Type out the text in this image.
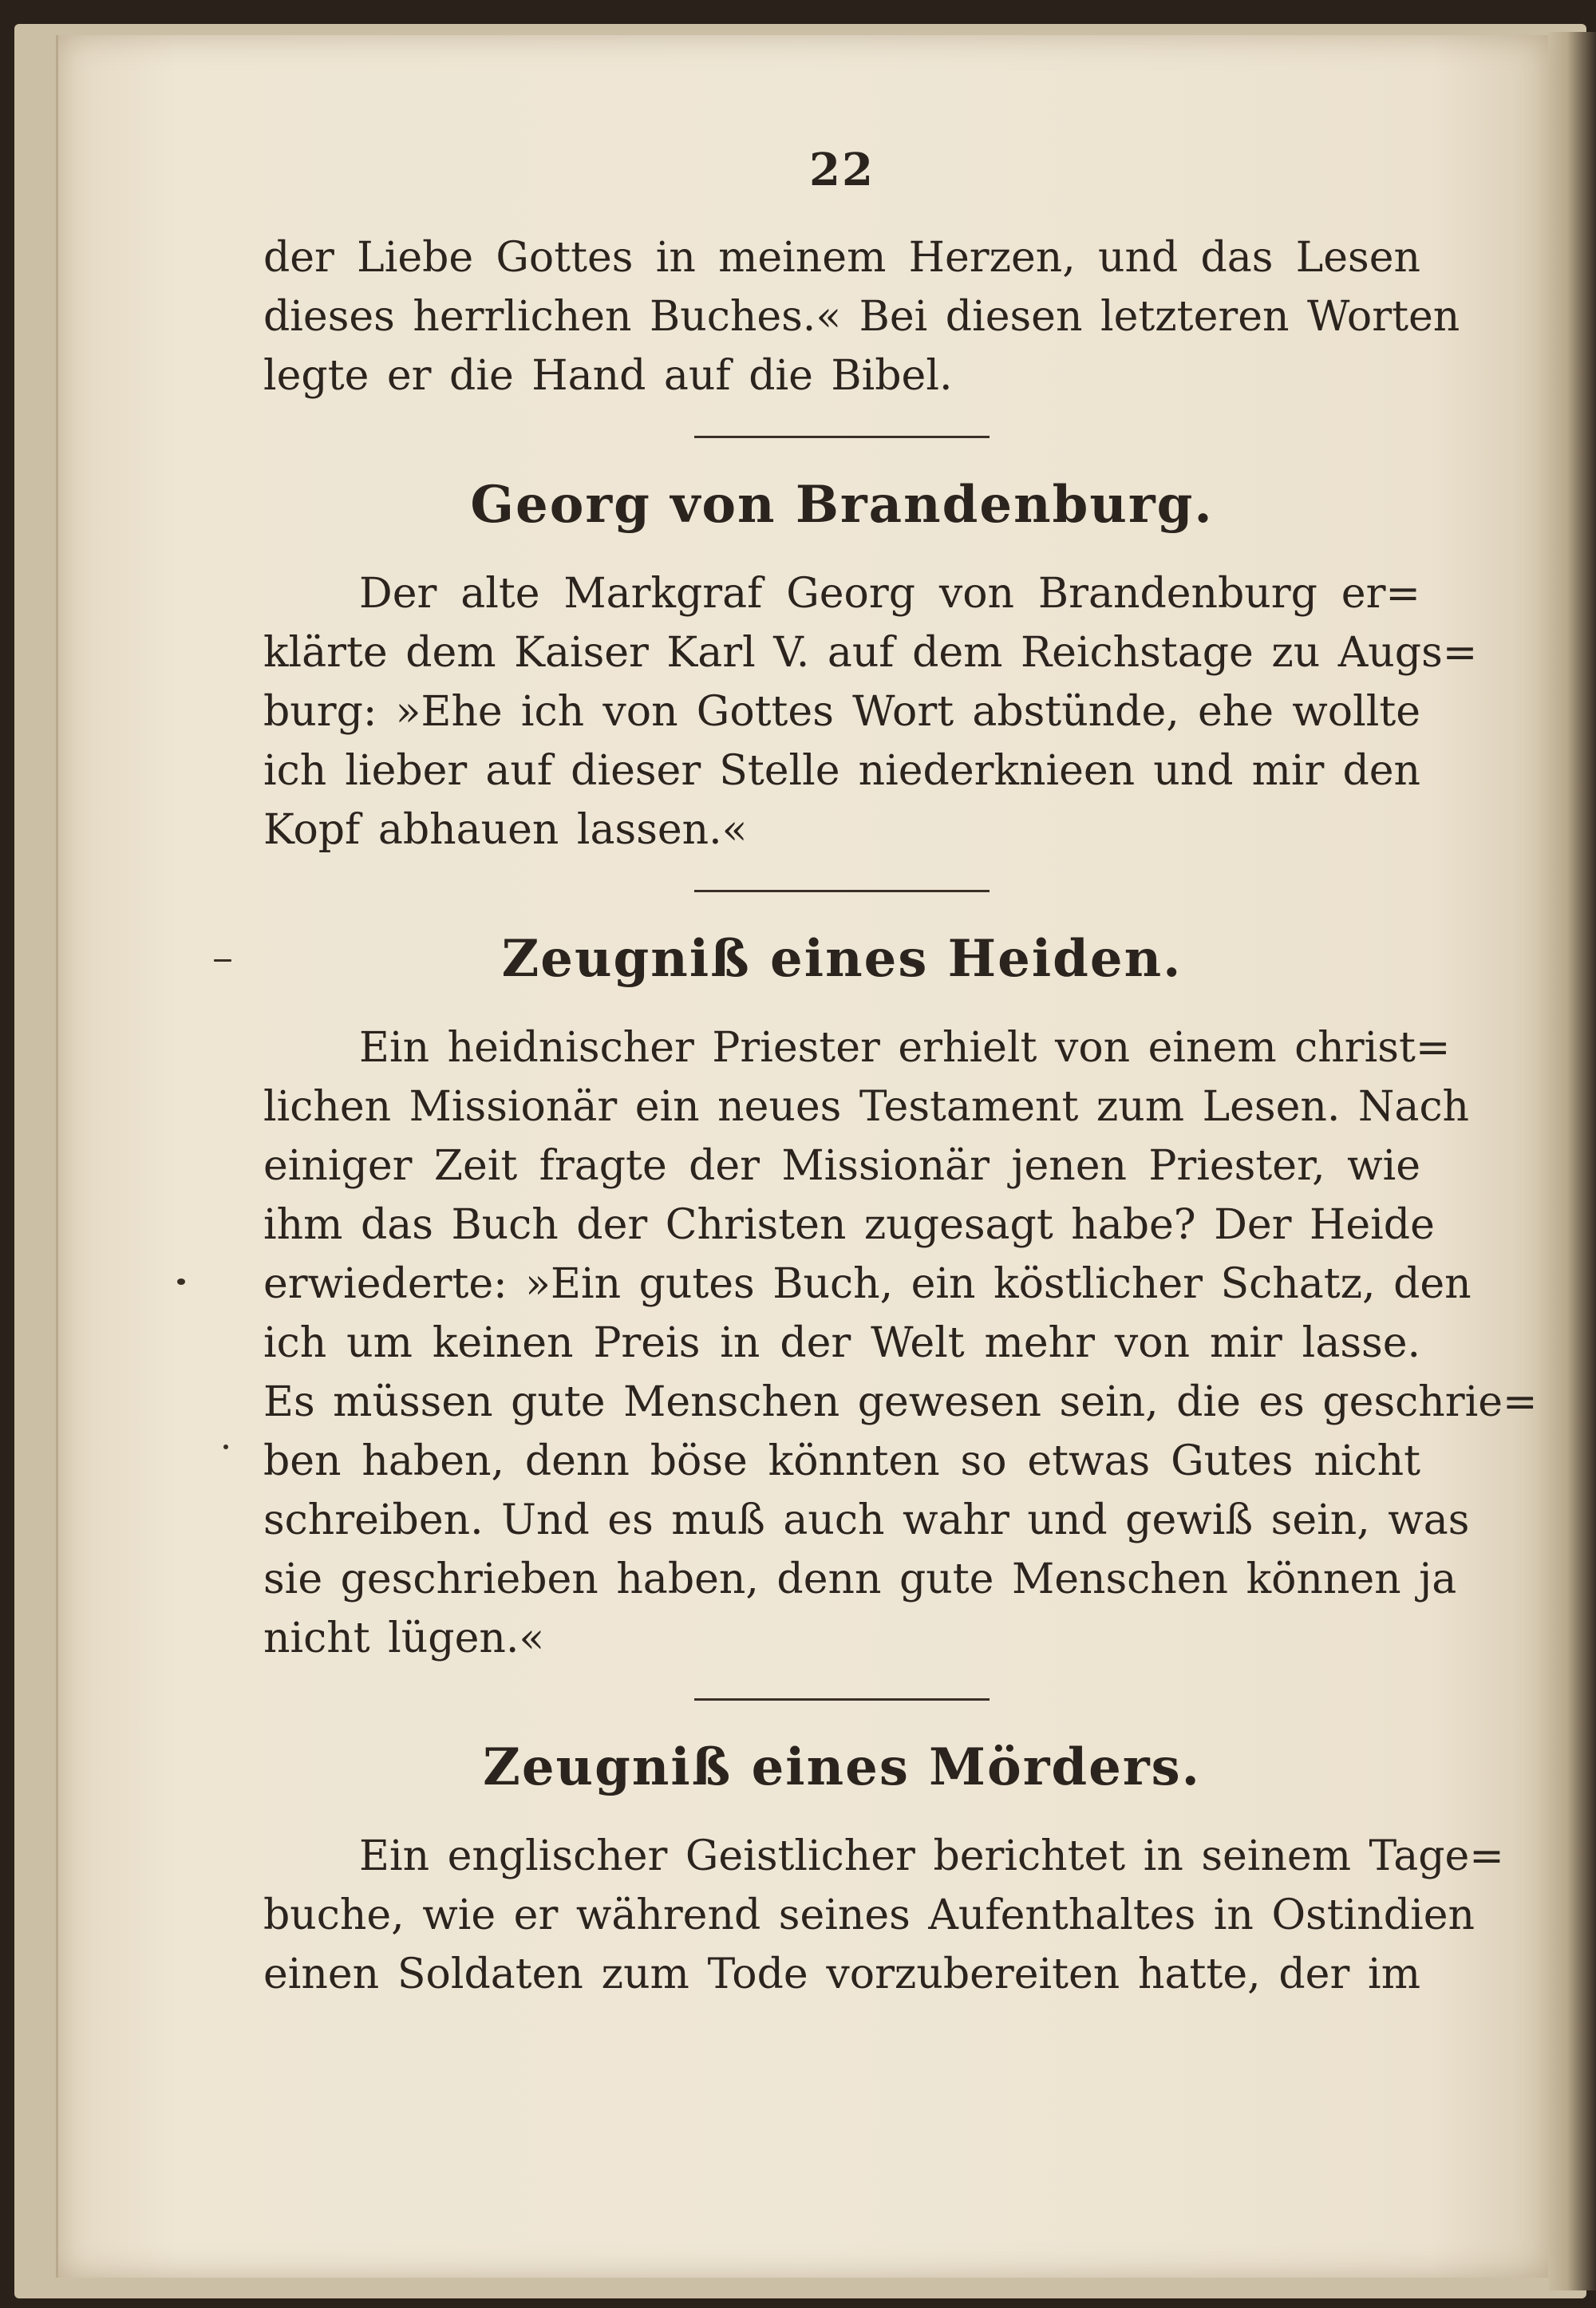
22
der Liebe Gottes in meinem Herzen, und das Lesen
dieses herrlichen Buches.« Bei diesen letzteren Worten
legte er die Hand auf die Bibel.
Georg von Brandenburg.
Der alte Markgraf Georg von Brandenburg er=
klärte dem Kaiser Karl V. auf dem Reichstage zu Augs=
burg: »Ehe ich von Gottes Wort abstünde, ehe wollte
ich lieber auf dieser Stelle niederknieen und mir den
Kopf abhauen lassen.«
Zeugniß eines Heiden.
Ein heidnischer Priester erhielt von einem christ=
lichen Missionär ein neues Testament zum Lesen. Nach
einiger Zeit fragte der Missionär jenen Priester, wie
ihm das Buch der Christen zugesagt habe? Der Heide
erwiederte: »Ein gutes Buch, ein köstlicher Schatz, den
ich um keinen Preis in der Welt mehr von mir lasse.
Es müssen gute Menschen gewesen sein, die es geschrie=
ben haben, denn böse könnten so etwas Gutes nicht
schreiben. Und es muß auch wahr und gewiß sein, was
sie geschrieben haben, denn gute Menschen können ja
nicht lügen.«
Zeugniß eines Mörders.
Ein englischer Geistlicher berichtet in seinem Tage=
buche, wie er während seines Aufenthaltes in Ostindien
einen Soldaten zum Tode vorzubereiten hatte, der im
